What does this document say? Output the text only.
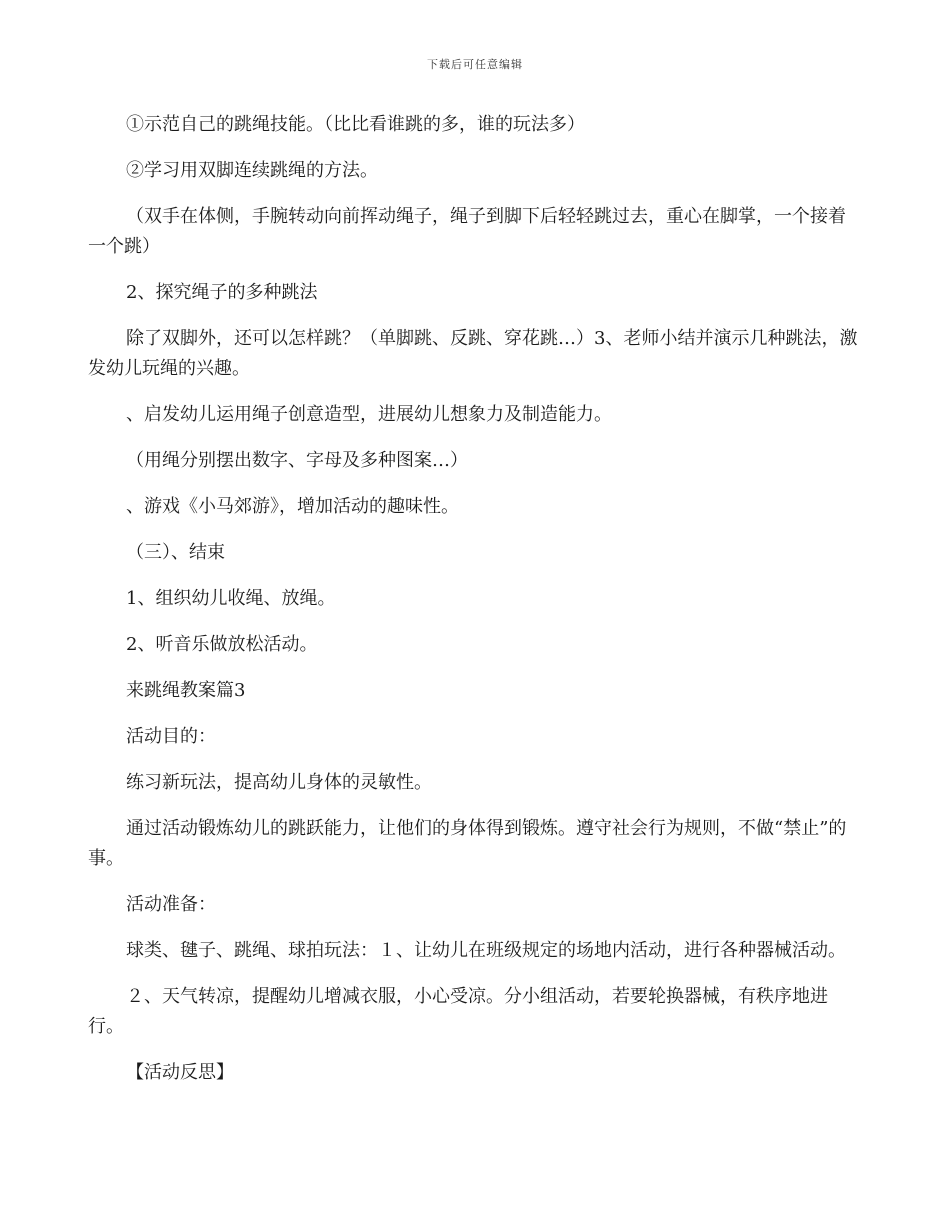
下载后可任意编辑

①示范自己的跳绳技能。（比比看谁跳的多，谁的玩法多）

②学习用双脚连续跳绳的方法。

（双手在体侧，手腕转动向前挥动绳子，绳子到脚下后轻轻跳过去，重心在脚掌，一个接着一个跳）

2、探究绳子的多种跳法

除了双脚外，还可以怎样跳？（单脚跳、反跳、穿花跳…）3、老师小结并演示几种跳法，激发幼儿玩绳的兴趣。

、启发幼儿运用绳子创意造型，进展幼儿想象力及制造能力。

（用绳分别摆出数字、字母及多种图案…）

、游戏《小马郊游》，增加活动的趣味性。

（三）、结束

1、组织幼儿收绳、放绳。

2、听音乐做放松活动。

来跳绳教案篇3

活动目的：

练习新玩法，提高幼儿身体的灵敏性。

通过活动锻炼幼儿的跳跃能力，让他们的身体得到锻炼。遵守社会行为规则，不做“禁止”的事。

活动准备：

球类、毽子、跳绳、球拍玩法：１、让幼儿在班级规定的场地内活动，进行各种器械活动。

２、天气转凉，提醒幼儿增减衣服，小心受凉。分小组活动，若要轮换器械，有秩序地进行。

【活动反思】
